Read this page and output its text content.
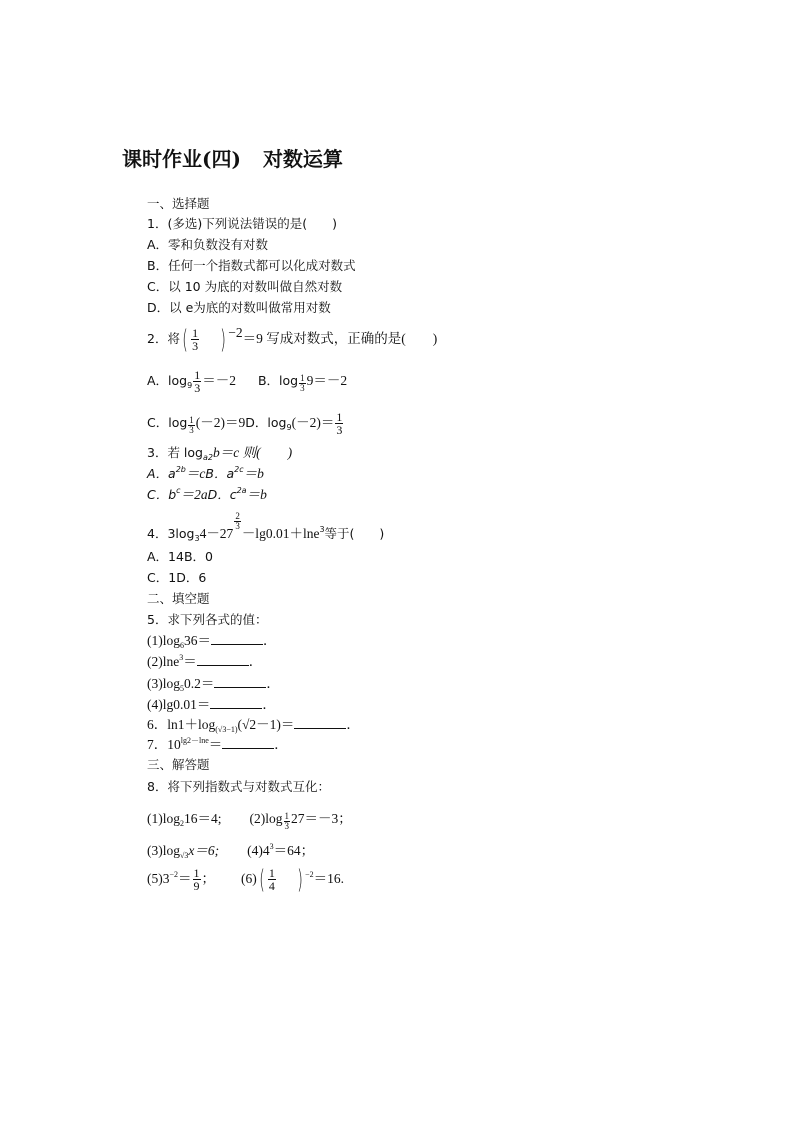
课时作业(四) 对数运算
一、选择题
1．(多选)下列说法错误的是(　　)
A．零和负数没有对数
B．任何一个指数式都可以化成对数式
C．以 10 为底的对数叫做自然对数
D．以 e为底的对数叫做常用对数
2．将( $\frac{1}{3}$ ) $^{-2}$＝9 写成对数式，正确的是(　　)
A．$\log_9 \frac{1}{3} =-2$ B．$\log \frac{1}{3} 9=-2$
C．$\log \frac{1}{3} (-2)=9D$．$\log_9(-2)= \frac{1}{3}$
3．若 $\log_{a2}b=c$ 则(　　)
A．$a^{2b}=cB$．$a^{2c}=b$
C．$b^c=2aD$．$c^{2a}=b$
4．$3\log_34-27$
$\frac{2}{3}$
－lg0.01＋lne$^3$等于(　　)
A．14B．0
C．1D．6
二、填空题
5．求下列各式的值：
$(1)\log_636=$	．
(2)lne$^3$＝	．
$(3)\log_50.2=$	．
(4)lg0.01＝	．
6．$\ln 1+\log_{(√3-1)}(√2-1)=$	．
7．$10^{lg2-lne}=$	．
三、解答题
8．将下列指数式与对数式互化：
$(1)\log_216=4$; $(2)\log \frac{1}{3} 27=-3$；
$(3)\log_{√3}x=6$; $(4)4^3=64$；
$(5)3^{-2}= \frac{1}{9}$ ； $(6)( \frac{1}{4}$ ) $^{-2}$＝16.
